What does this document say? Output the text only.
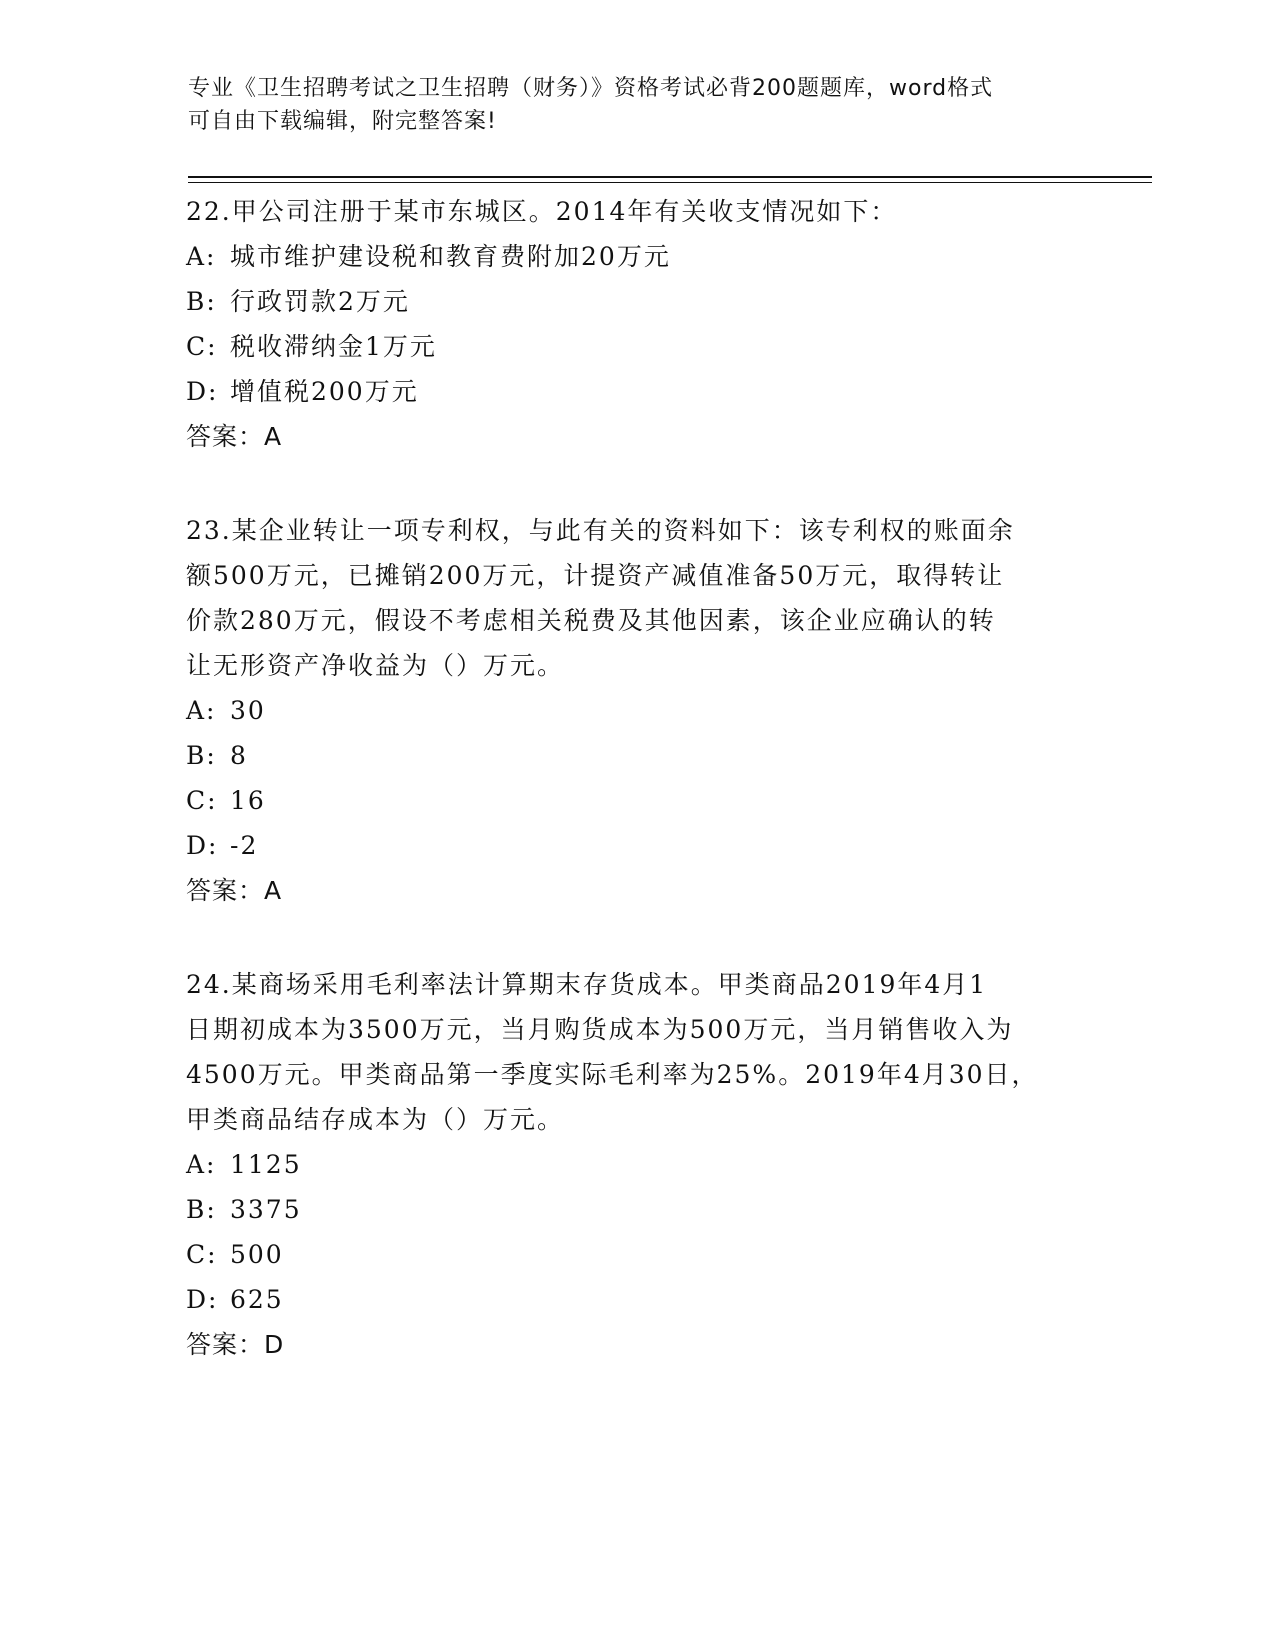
专业《卫生招聘考试之卫生招聘（财务）》资格考试必背200题题库，word格式
可自由下载编辑，附完整答案!

22.甲公司注册于某市东城区。2014年有关收支情况如下：

A: 城市维护建设税和教育费附加20万元

B: 行政罚款2万元

C: 税收滞纳金1万元

D: 增值税200万元

答案：A

23.某企业转让一项专利权，与此有关的资料如下：该专利权的账面余

额500万元，已摊销200万元，计提资产减值准备50万元，取得转让

价款280万元，假设不考虑相关税费及其他因素，该企业应确认的转

让无形资产净收益为（）万元。

A: 30

B: 8

C: 16

D: -2

答案：A

24.某商场采用毛利率法计算期末存货成本。甲类商品2019年4月1

日期初成本为3500万元，当月购货成本为500万元，当月销售收入为

4500万元。甲类商品第一季度实际毛利率为25%。2019年4月30日，

甲类商品结存成本为（）万元。

A: 1125

B: 3375

C: 500

D: 625

答案：D
